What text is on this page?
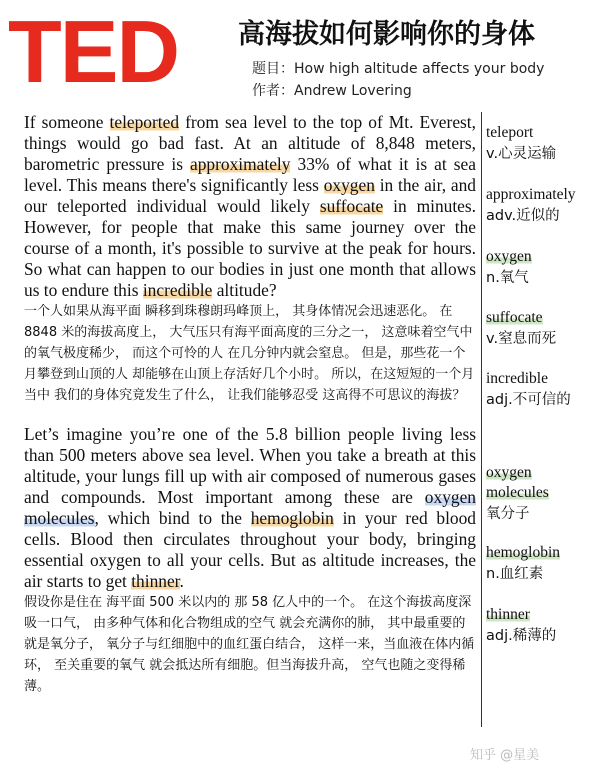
TED 高海拔如何影响你的身体
题目：How high altitude affects your body
作者：Andrew Lovering

If someone teleported from sea level to the top of Mt. Everest, things would go bad fast. At an altitude of 8,848 meters, barometric pressure is approximately 33% of what it is at sea level. This means there's significantly less oxygen in the air, and our teleported individual would likely suffocate in minutes. However, for people that make this same journey over the course of a month, it's possible to survive at the peak for hours. So what can happen to our bodies in just one month that allows us to endure this incredible altitude?

一个人如果从海平面 瞬移到珠穆朗玛峰顶上， 其身体情况会迅速恶化。 在 8848 米的海拔高度上， 大气压只有海平面高度的三分之一， 这意味着空气中的氧气极度稀少， 而这个可怜的人 在几分钟内就会窒息。 但是，那些花一个月攀登到山顶的人 却能够在山顶上存活好几个小时。 所以，在这短短的一个月当中 我们的身体究竟发生了什么， 让我们能够忍受 这高得不可思议的海拔？

Let’s imagine you’re one of the 5.8 billion people living less than 500 meters above sea level. When you take a breath at this altitude, your lungs fill up with air composed of numerous gases and compounds. Most important among these are oxygen molecules, which bind to the hemoglobin in your red blood cells. Blood then circulates throughout your body, bringing essential oxygen to all your cells. But as altitude increases, the air starts to get thinner.

假设你是住在 海平面 500 米以内的 那 58 亿人中的一个。 在这个海拔高度深吸一口气， 由多种气体和化合物组成的空气 就会充满你的肺， 其中最重要的就是氧分子， 氧分子与红细胞中的血红蛋白结合， 这样一来，当血液在体内循环， 至关重要的氧气 就会抵达所有细胞。但当海拔升高， 空气也随之变得稀薄。

teleport
v.心灵运输
approximately
adv.近似的
oxygen
n.氧气
suffocate
v.窒息而死
incredible
adj.不可信的
oxygen molecules
氧分子
hemoglobin
n.血红素
thinner
adj.稀薄的
知乎 @星美
